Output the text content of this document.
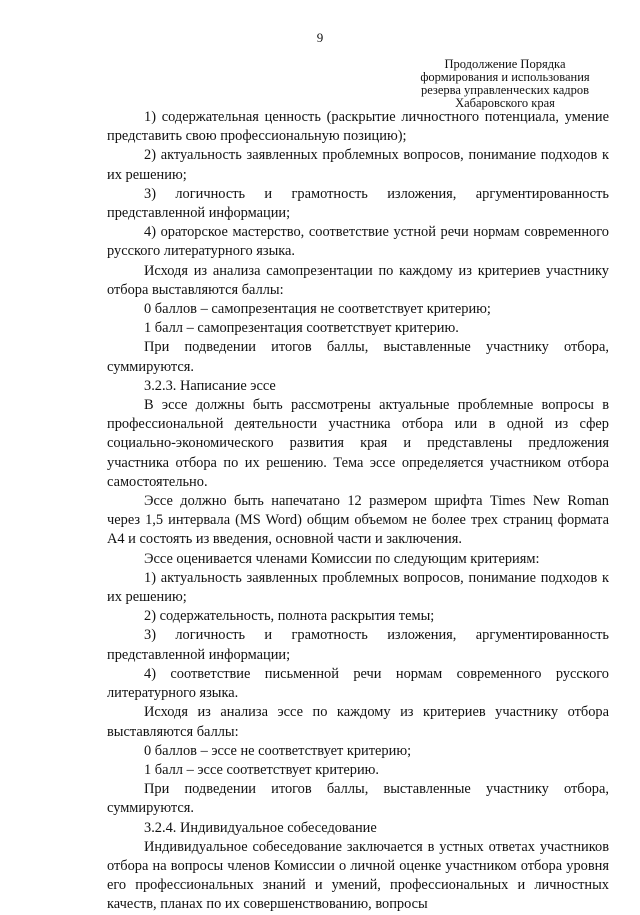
9
Продолжение Порядка
формирования и использования
резерва управленческих кадров
Хабаровского края

1) содержательная ценность (раскрытие личностного потенциала, умение представить свою профессиональную позицию);

2) актуальность заявленных проблемных вопросов, понимание подходов к их решению;

3) логичность и грамотность изложения, аргументированность представленной информации;

4) ораторское мастерство, соответствие устной речи нормам современного русского литературного языка.

Исходя из анализа самопрезентации по каждому из критериев участнику отбора выставляются баллы:

0 баллов – самопрезентация не соответствует критерию;

1 балл – самопрезентация соответствует критерию.

При подведении итогов баллы, выставленные участнику отбора, суммируются.

3.2.3. Написание эссе

В эссе должны быть рассмотрены актуальные проблемные вопросы в профессиональной деятельности участника отбора или в одной из сфер социально-экономического развития края и представлены предложения участника отбора по их решению. Тема эссе определяется участником отбора самостоятельно.

Эссе должно быть напечатано 12 размером шрифта Times New Roman через 1,5 интервала (MS Word) общим объемом не более трех страниц формата А4 и состоять из введения, основной части и заключения.

Эссе оценивается членами Комиссии по следующим критериям:

1) актуальность заявленных проблемных вопросов, понимание подходов к их решению;

2) содержательность, полнота раскрытия темы;

3) логичность и грамотность изложения, аргументированность представленной информации;

4) соответствие письменной речи нормам современного русского литературного языка.

Исходя из анализа эссе по каждому из критериев участнику отбора выставляются баллы:

0 баллов – эссе не соответствует критерию;

1 балл – эссе соответствует критерию.

При подведении итогов баллы, выставленные участнику отбора, суммируются.

3.2.4. Индивидуальное собеседование

Индивидуальное собеседование заключается в устных ответах участников отбора на вопросы членов Комиссии о личной оценке участником отбора уровня его профессиональных знаний и умений, профессиональных и личностных качеств, планах по их совершенствованию, вопросы
